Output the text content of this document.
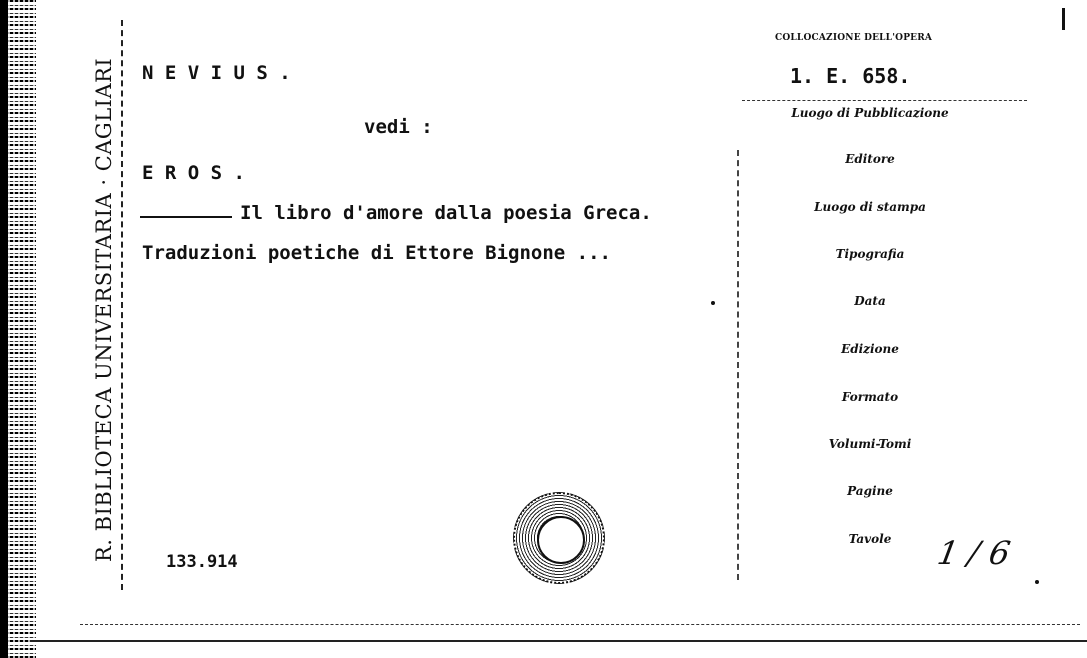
R. BIBLIOTECA UNIVERSITARIA · CAGLIARI	N E V I U S .
vedi :
E R O S .
Il libro d'amore dalla poesia Greca.
Traduzioni poetiche di Ettore Bignone ...
133.914
COLLOCAZIONE DELL'OPERA
1. E. 658.
Luogo di Pubblicazione
Editore
Luogo di stampa
Tipografia
Data
Edizione
Formato
Volumi-Tomi
Pagine
Tavole	1 / 6
